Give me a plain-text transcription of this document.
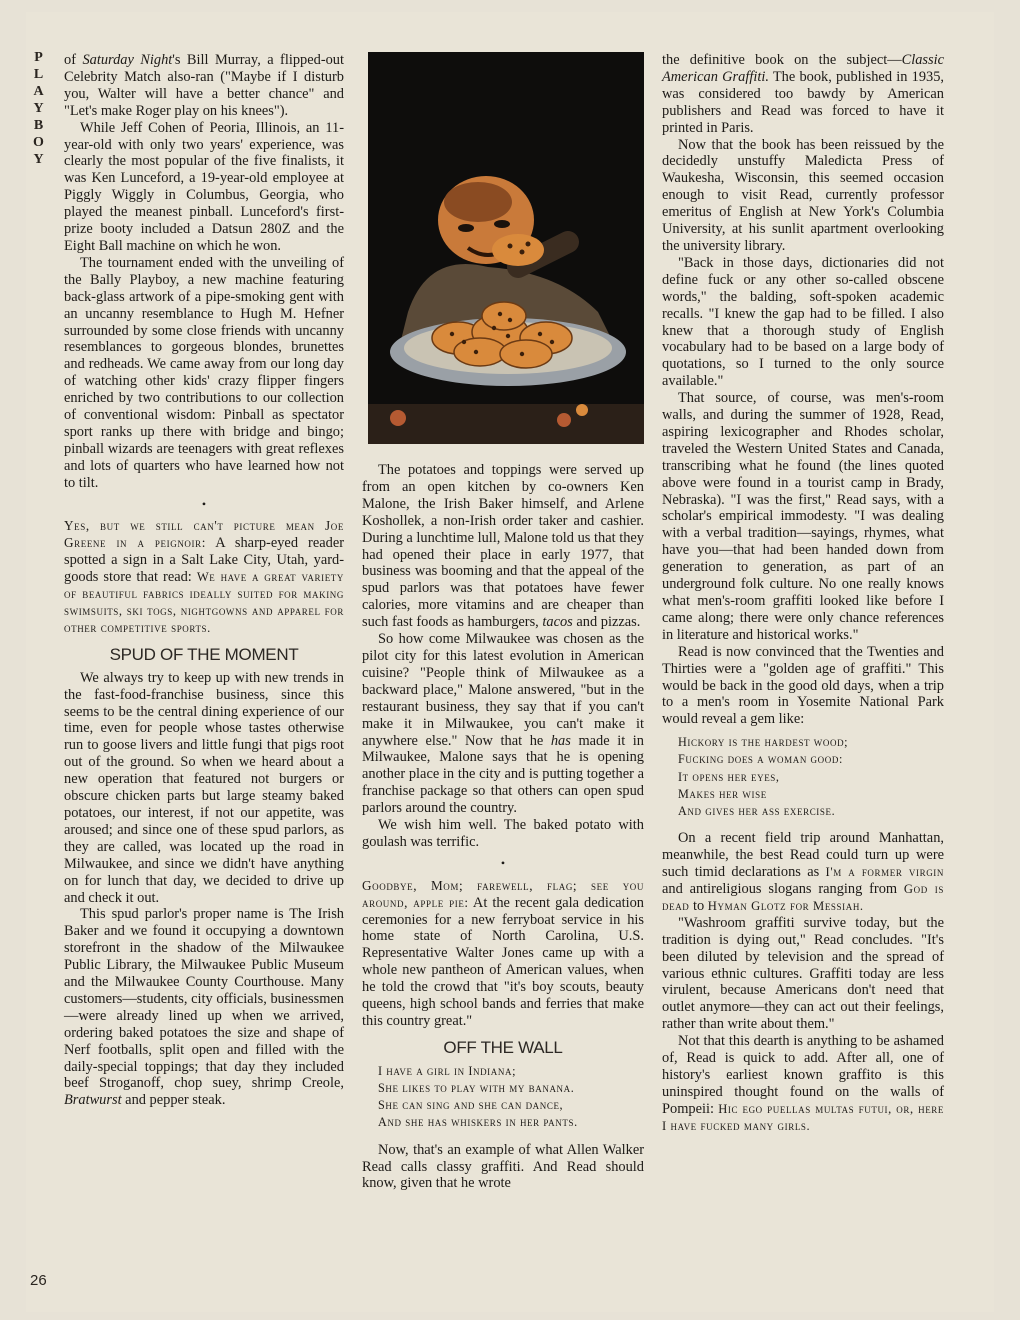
PLAYBOY
26

of Saturday Night's Bill Murray, a flipped-out Celebrity Match also-ran ("Maybe if I disturb you, Walter will have a better chance" and "Let's make Roger play on his knees").

While Jeff Cohen of Peoria, Illinois, an 11-year-old with only two years' experience, was clearly the most popular of the five finalists, it was Ken Lunceford, a 19-year-old employee at Piggly Wiggly in Columbus, Georgia, who played the meanest pinball. Lunceford's first-prize booty included a Datsun 280Z and the Eight Ball machine on which he won.

The tournament ended with the unveiling of the Bally Playboy, a new machine featuring back-glass artwork of a pipe-smoking gent with an uncanny resemblance to Hugh M. Hefner surrounded by some close friends with uncanny resemblances to gorgeous blondes, brunettes and redheads. We came away from our long day of watching other kids' crazy flipper fingers enriched by two contributions to our collection of conventional wisdom: Pinball as spectator sport ranks up there with bridge and bingo; pinball wizards are teenagers with great reflexes and lots of quarters who have learned how not to tilt.

•

Yes, but we still can't picture mean Joe Greene in a peignoir: A sharp-eyed reader spotted a sign in a Salt Lake City, Utah, yard-goods store that read: We have a great variety of beautiful fabrics ideally suited for making swimsuits, ski togs, nightgowns and apparel for other competitive sports.

SPUD OF THE MOMENT

We always try to keep up with new trends in the fast-food-franchise business, since this seems to be the central dining experience of our time, even for people whose tastes otherwise run to goose livers and little fungi that pigs root out of the ground. So when we heard about a new operation that featured not burgers or obscure chicken parts but large steamy baked potatoes, our interest, if not our appetite, was aroused; and since one of these spud parlors, as they are called, was located up the road in Milwaukee, and since we didn't have anything on for lunch that day, we decided to drive up and check it out.

This spud parlor's proper name is The Irish Baker and we found it occupying a downtown storefront in the shadow of the Milwaukee Public Library, the Milwaukee Public Museum and the Milwaukee County Courthouse. Many customers—students, city officials, businessmen—were already lined up when we arrived, ordering baked potatoes the size and shape of Nerf footballs, split open and filled with the daily-special toppings; that day they included beef Stroganoff, chop suey, shrimp Creole, Bratwurst and pepper steak.

The potatoes and toppings were served up from an open kitchen by co-owners Ken Malone, the Irish Baker himself, and Arlene Koshollek, a non-Irish order taker and cashier. During a lunchtime lull, Malone told us that they had opened their place in early 1977, that business was booming and that the appeal of the spud parlors was that potatoes have fewer calories, more vitamins and are cheaper than such fast foods as hamburgers, tacos and pizzas.

So how come Milwaukee was chosen as the pilot city for this latest evolution in American cuisine? "People think of Milwaukee as a backward place," Malone answered, "but in the restaurant business, they say that if you can't make it in Milwaukee, you can't make it anywhere else." Now that he has made it in Milwaukee, Malone says that he is opening another place in the city and is putting together a franchise package so that others can open spud parlors around the country.

We wish him well. The baked potato with goulash was terrific.

•

Goodbye, Mom; farewell, flag; see you around, apple pie: At the recent gala dedication ceremonies for a new ferryboat service in his home state of North Carolina, U.S. Representative Walter Jones came up with a whole new pantheon of American values, when he told the crowd that "it's boy scouts, beauty queens, high school bands and ferries that make this country great."

OFF THE WALL
I have a girl in Indiana;
She likes to play with my banana.
She can sing and she can dance,
And she has whiskers in her pants.

Now, that's an example of what Allen Walker Read calls classy graffiti. And Read should know, given that he wrote

the definitive book on the subject—Classic American Graffiti. The book, published in 1935, was considered too bawdy by American publishers and Read was forced to have it printed in Paris.

Now that the book has been reissued by the decidedly unstuffy Maledicta Press of Waukesha, Wisconsin, this seemed occasion enough to visit Read, currently professor emeritus of English at New York's Columbia University, at his sunlit apartment overlooking the university library.

"Back in those days, dictionaries did not define fuck or any other so-called obscene words," the balding, soft-spoken academic recalls. "I knew the gap had to be filled. I also knew that a thorough study of English vocabulary had to be based on a large body of quotations, so I turned to the only source available."

That source, of course, was men's-room walls, and during the summer of 1928, Read, aspiring lexicographer and Rhodes scholar, traveled the Western United States and Canada, transcribing what he found (the lines quoted above were found in a tourist camp in Brady, Nebraska). "I was the first," Read says, with a scholar's empirical immodesty. "I was dealing with a verbal tradition—sayings, rhymes, what have you—that had been handed down from generation to generation, as part of an underground folk culture. No one really knows what men's-room graffiti looked like before I came along; there were only chance references in literature and historical works."

Read is now convinced that the Twenties and Thirties were a "golden age of graffiti." This would be back in the good old days, when a trip to a men's room in Yosemite National Park would reveal a gem like:

Hickory is the hardest wood;
Fucking does a woman good:
It opens her eyes,
Makes her wise
And gives her ass exercise.

On a recent field trip around Manhattan, meanwhile, the best Read could turn up were such timid declarations as I'm a former virgin and antireligious slogans ranging from God is dead to Hyman Glotz for Messiah.

"Washroom graffiti survive today, but the tradition is dying out," Read concludes. "It's been diluted by television and the spread of various ethnic cultures. Graffiti today are less virulent, because Americans don't need that outlet anymore—they can act out their feelings, rather than write about them."

Not that this dearth is anything to be ashamed of, Read is quick to add. After all, one of history's earliest known graffito is this uninspired thought found on the walls of Pompeii: Hic ego puellas multas futui, or, here I have fucked many girls.
